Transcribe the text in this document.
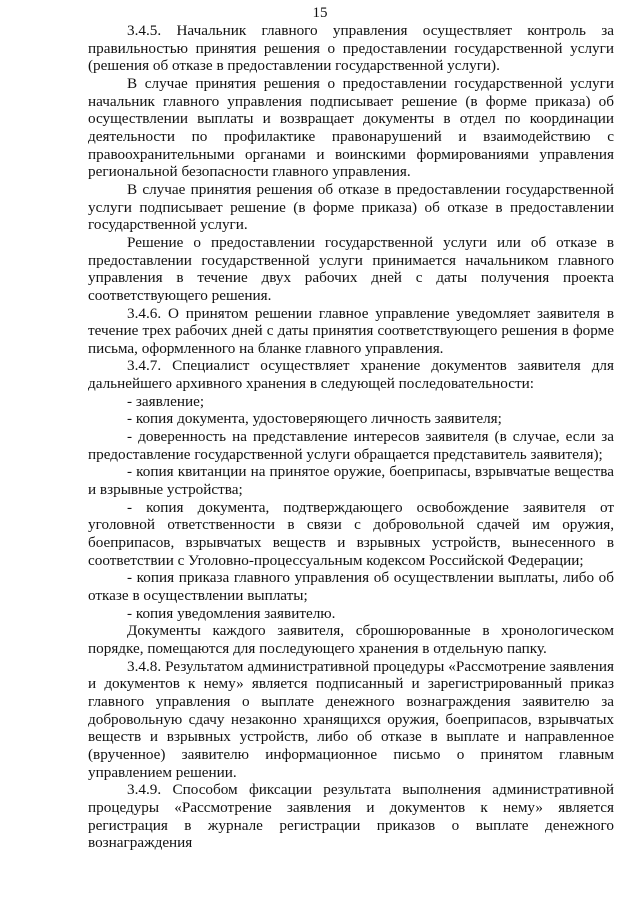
15

3.4.5. Начальник главного управления осуществляет контроль за правильностью принятия решения о предоставлении государственной услуги (решения об отказе в предоставлении государственной услуги).

В случае принятия решения о предоставлении государственной услуги начальник главного управления подписывает решение (в форме приказа) об осуществлении выплаты и возвращает документы в отдел по координации деятельности по профилактике правонарушений и взаимодействию с правоохранительными органами и воинскими формированиями управления региональной безопасности главного управления.

В случае принятия решения об отказе в предоставлении государственной услуги подписывает решение (в форме приказа) об отказе в предоставлении государственной услуги.

Решение о предоставлении государственной услуги или об отказе в предоставлении государственной услуги принимается начальником главного управления в течение двух рабочих дней с даты получения проекта соответствующего решения.

3.4.6. О принятом решении главное управление уведомляет заявителя в течение трех рабочих дней с даты принятия соответствующего решения в форме письма, оформленного на бланке главного управления.

3.4.7. Специалист осуществляет хранение документов заявителя для дальнейшего архивного хранения в следующей последовательности:

- заявление;

- копия документа, удостоверяющего личность заявителя;

- доверенность на представление интересов заявителя (в случае, если за предоставление государственной услуги обращается представитель заявителя);

- копия квитанции на принятое оружие, боеприпасы, взрывчатые вещества и взрывные устройства;

- копия документа, подтверждающего освобождение заявителя от уголовной ответственности в связи с добровольной сдачей им оружия, боеприпасов, взрывчатых веществ и взрывных устройств, вынесенного в соответствии с Уголовно-процессуальным кодексом Российской Федерации;

- копия приказа главного управления об осуществлении выплаты, либо об отказе в осуществлении выплаты;

- копия уведомления заявителю.

Документы каждого заявителя, сброшюрованные в хронологическом порядке, помещаются для последующего хранения в отдельную папку.

3.4.8. Результатом административной процедуры «Рассмотрение заявления и документов к нему» является подписанный и зарегистрированный приказ главного управления о выплате денежного вознаграждения заявителю за добровольную сдачу незаконно хранящихся оружия, боеприпасов, взрывчатых веществ и взрывных устройств, либо об отказе в выплате и направленное (врученное) заявителю информационное письмо о принятом главным управлением решении.

3.4.9. Способом фиксации результата выполнения административной процедуры «Рассмотрение заявления и документов к нему» является регистрация в журнале регистрации приказов о выплате денежного вознаграждения
